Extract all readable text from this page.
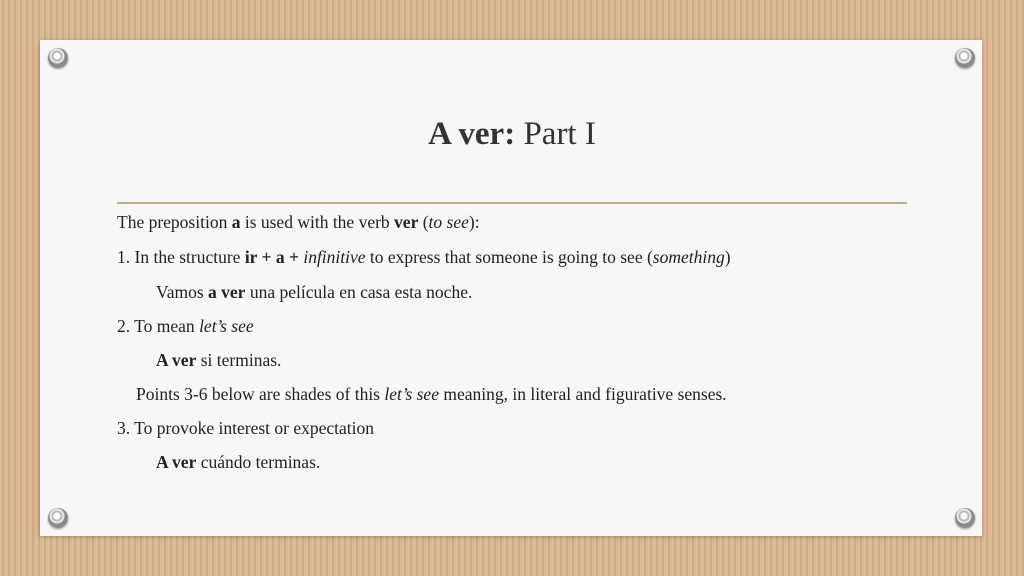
A ver: Part I
The preposition a is used with the verb ver (to see):
1. In the structure ir + a + infinitive to express that someone is going to see (something)
Vamos a ver una película en casa esta noche.
2. To mean let’s see
A ver si terminas.
Points 3-6 below are shades of this let’s see meaning, in literal and figurative senses.
3. To provoke interest or expectation
A ver cuándo terminas.
